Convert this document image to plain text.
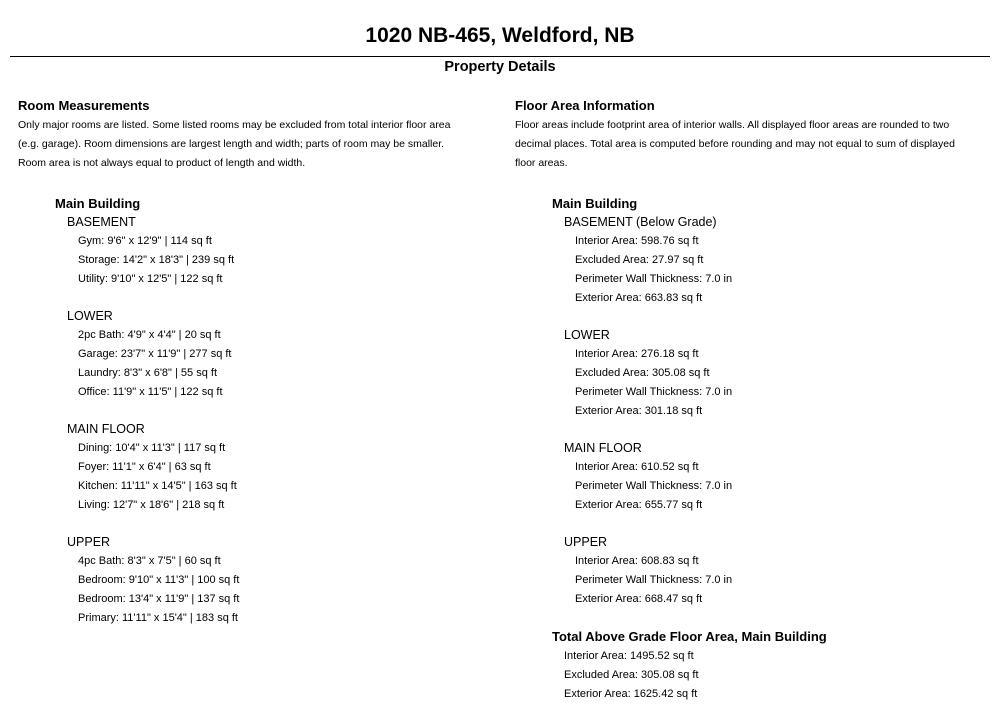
1020 NB-465, Weldford, NB
Property Details
Room Measurements
Only major rooms are listed. Some listed rooms may be excluded from total interior floor area
(e.g. garage). Room dimensions are largest length and width; parts of room may be smaller.
Room area is not always equal to product of length and width.
Main Building
BASEMENT
Gym: 9'6" x 12'9" | 114 sq ft
Storage: 14'2" x 18'3" | 239 sq ft
Utility: 9'10" x 12'5" | 122 sq ft
LOWER
2pc Bath: 4'9" x 4'4" | 20 sq ft
Garage: 23'7" x 11'9" | 277 sq ft
Laundry: 8'3" x 6'8" | 55 sq ft
Office: 11'9" x 11'5" | 122 sq ft
MAIN FLOOR
Dining: 10'4" x 11'3" | 117 sq ft
Foyer: 11'1" x 6'4" | 63 sq ft
Kitchen: 11'11" x 14'5" | 163 sq ft
Living: 12'7" x 18'6" | 218 sq ft
UPPER
4pc Bath: 8'3" x 7'5" | 60 sq ft
Bedroom: 9'10" x 11'3" | 100 sq ft
Bedroom: 13'4" x 11'9" | 137 sq ft
Primary: 11'11" x 15'4" | 183 sq ft
Floor Area Information
Floor areas include footprint area of interior walls. All displayed floor areas are rounded to two
decimal places. Total area is computed before rounding and may not equal to sum of displayed
floor areas.
Main Building
BASEMENT (Below Grade)
Interior Area: 598.76 sq ft
Excluded Area: 27.97 sq ft
Perimeter Wall Thickness: 7.0 in
Exterior Area: 663.83 sq ft
LOWER
Interior Area: 276.18 sq ft
Excluded Area: 305.08 sq ft
Perimeter Wall Thickness: 7.0 in
Exterior Area: 301.18 sq ft
MAIN FLOOR
Interior Area: 610.52 sq ft
Perimeter Wall Thickness: 7.0 in
Exterior Area: 655.77 sq ft
UPPER
Interior Area: 608.83 sq ft
Perimeter Wall Thickness: 7.0 in
Exterior Area: 668.47 sq ft
Total Above Grade Floor Area, Main Building
Interior Area: 1495.52 sq ft
Excluded Area: 305.08 sq ft
Exterior Area: 1625.42 sq ft
